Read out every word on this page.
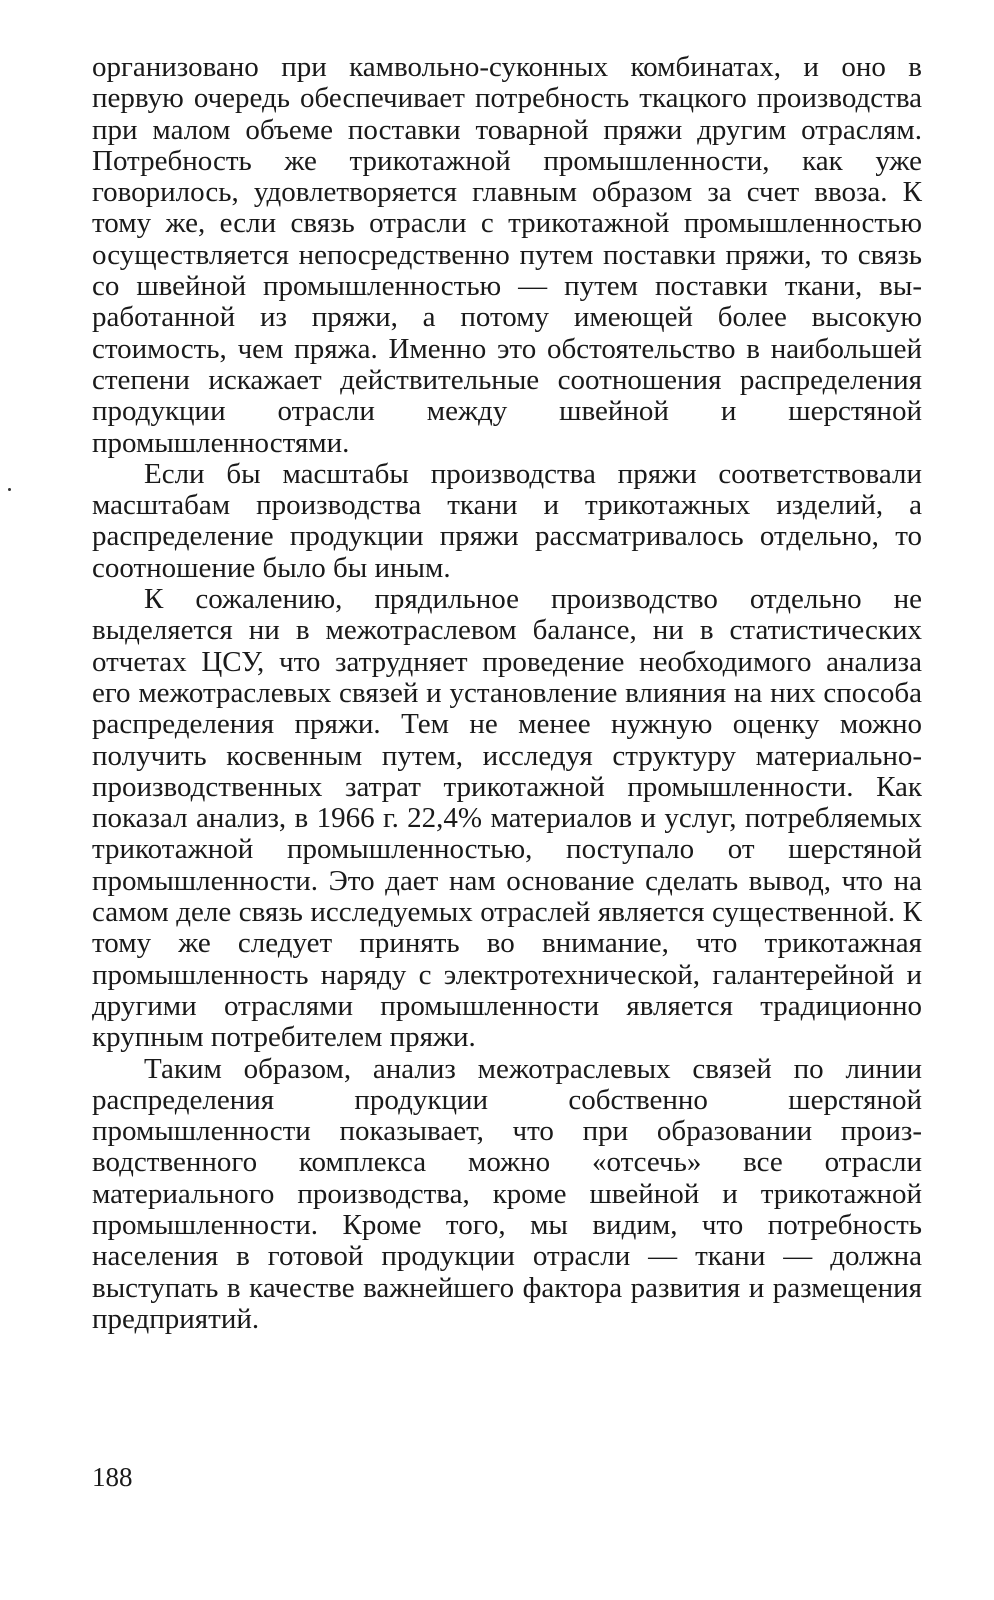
организовано при камвольно-суконных комбинатах, и оно в первую очередь обеспечивает потребность ткацкого производства при малом объеме поставки товарной пряжи другим отраслям. Потребность же трикотажной промышленности, как уже говорилось, удовлетворяется главным образом за счет ввоза. К тому же, если связь отрасли с трикотажной промышленностью осуществляется непосредственно путем поставки пряжи, то связь со швейной промышленностью — путем поставки ткани, выработанной из пряжи, а потому имеющей более высокую стоимость, чем пряжа. Именно это обстоятельство в наибольшей степени искажает действительные соотношения распределения продукции отрасли между швейной и шерстяной промышленностями.

Если бы масштабы производства пряжи соответствовали масштабам производства ткани и трикотажных изделий, а распределение продукции пряжи рассматривалось отдельно, то соотношение было бы иным.

К сожалению, прядильное производство отдельно не выделяется ни в межотраслевом балансе, ни в статистических отчетах ЦСУ, что затрудняет проведение необходимого анализа его межотраслевых связей и установление влияния на них способа распределения пряжи. Тем не менее нужную оценку можно получить косвенным путем, исследуя структуру материально-производственных затрат трикотажной промышленности. Как показал анализ, в 1966 г. 22,4% материалов и услуг, потребляемых трикотажной промышленностью, поступало от шерстяной промышленности. Это дает нам основание сделать вывод, что на самом деле связь исследуемых отраслей является существенной. К тому же следует принять во внимание, что трикотажная промышленность наряду с электротехнической, галантерейной и другими отраслями промышленности является традиционно крупным потребителем пряжи.

Таким образом, анализ межотраслевых связей по линии распределения продукции собственно шерстяной промышленности показывает, что при образовании производственного комплекса можно «отсечь» все отрасли материального производства, кроме швейной и трикотажной промышленности. Кроме того, мы видим, что потребность населения в готовой продукции отрасли — ткани — должна выступать в качестве важнейшего фактора развития и размещения предприятий.

188
